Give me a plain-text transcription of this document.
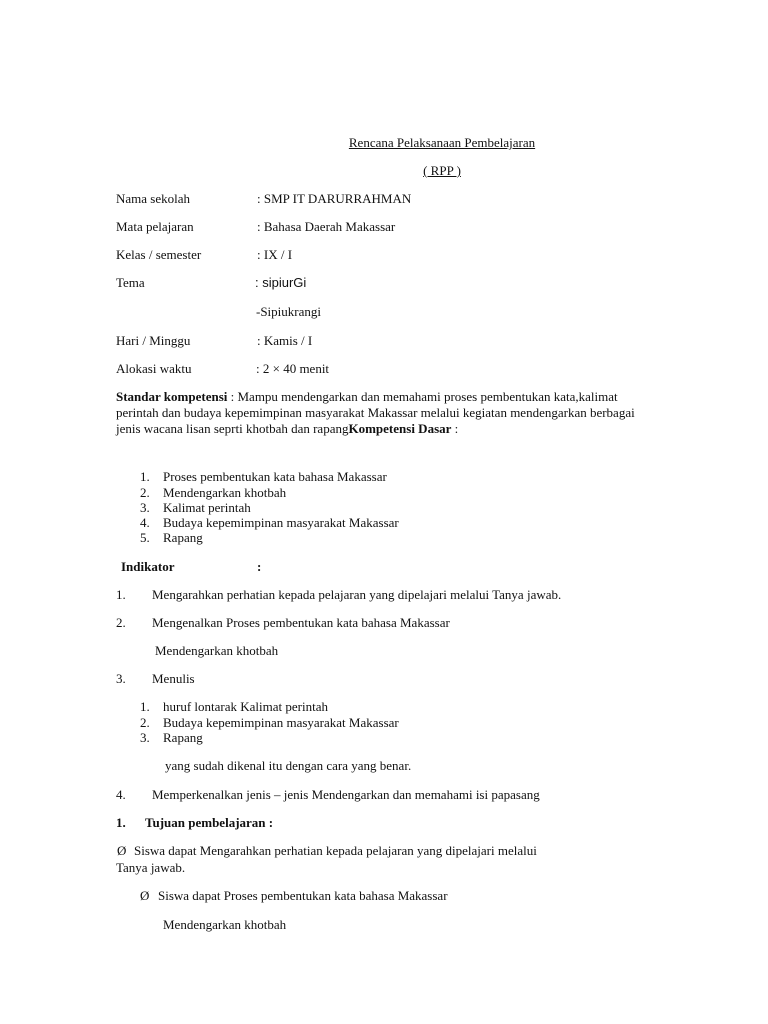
Rencana Pelaksanaan Pembelajaran
( RPP )
Nama sekolah	: SMP IT DARURRAHMAN
Mata pelajaran	: Bahasa Daerah Makassar
Kelas / semester	: IX / I
Tema	: sipiurGi
-Sipiukrangi
Hari / Minggu	: Kamis / I
Alokasi waktu	: 2 × 40 menit
Standar kompetensi : Mampu mendengarkan dan memahami proses pembentukan kata,kalimat perintah dan budaya kepemimpinan masyarakat Makassar melalui kegiatan mendengarkan berbagai jenis wacana lisan seprti khotbah dan rapangKompetensi Dasar :
1. Proses pembentukan kata bahasa Makassar
2. Mendengarkan khotbah
3. Kalimat perintah
4. Budaya kepemimpinan masyarakat Makassar
5. Rapang
Indikator	:
1. Mengarahkan perhatian kepada pelajaran yang dipelajari melalui Tanya jawab.
2. Mengenalkan Proses pembentukan kata bahasa Makassar
Mendengarkan khotbah
3. Menulis
1. huruf lontarak Kalimat perintah
2. Budaya kepemimpinan masyarakat Makassar
3. Rapang
yang sudah dikenal itu dengan cara yang benar.
4. Memperkenalkan jenis – jenis Mendengarkan dan memahami isi papasang
1. Tujuan pembelajaran :
Ø Siswa dapat Mengarahkan perhatian kepada pelajaran yang dipelajari melalui
Tanya jawab.
Ø Siswa dapat Proses pembentukan kata bahasa Makassar
Mendengarkan khotbah
